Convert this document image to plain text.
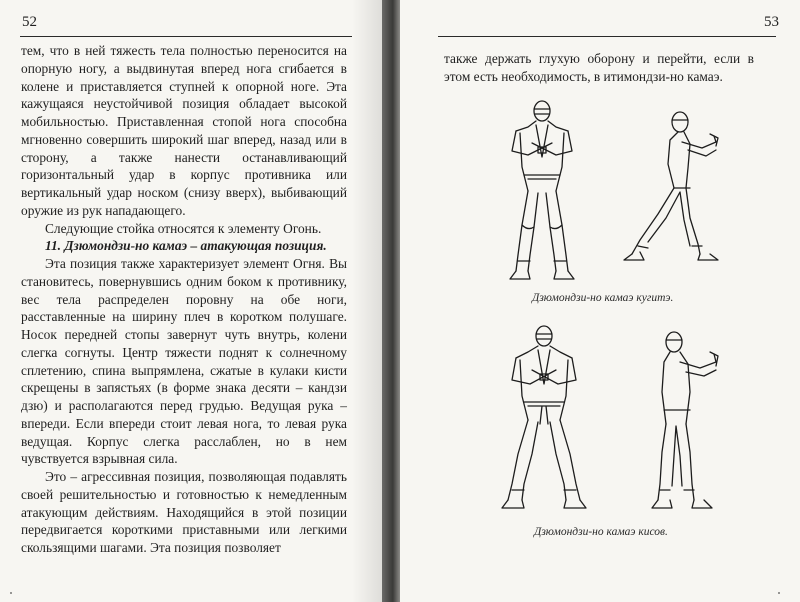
52

тем, что в ней тяжесть тела полностью переносится на опорную ногу, а выдвинутая вперед нога сгибается в колене и приставляется ступней к опорной ноге. Эта кажущаяся неустойчивой позиция обладает высокой мобильностью. Приставленная стопой нога способна мгновенно совершить широкий шаг вперед, назад или в сторону, а также нанести останавливающий горизонтальный удар в корпус противника или вертикальный удар носком (снизу вверх), выбивающий оружие из рук нападающего.

Следующие стойка относятся к элементу Огонь.

11. Дзюмондзи-но камаэ – атакующая позиция.

Эта позиция также характеризует элемент Огня. Вы становитесь, повернувшись одним боком к противнику, вес тела распределен поровну на обе ноги, расставленные на ширину плеч в коротком полушаге. Носок передней стопы завернут чуть внутрь, колени слегка согнуты. Центр тяжести поднят к солнечному сплетению, спина выпрямлена, сжатые в кулаки кисти скрещены в запястьях (в форме знака десяти – кандзи дзю) и располагаются перед грудью. Ведущая рука – впереди. Если впереди стоит левая нога, то левая рука ведущая. Корпус слегка расслаблен, но в нем чувствуется взрывная сила.

Это – агрессивная позиция, позволяющая подавлять своей решительностью и готовностью к немедленным атакующим действиям. Находящийся в этой позиции передвигается короткими приставными или легкими скользящими шагами. Эта позиция позволяет

53
также держать глухую оборону и перейти, если в этом есть необходимость, в итимондзи-но камаэ.
Дзюмондзи-но камаэ кугитэ.
Дзюмондзи-но камаэ кисов.
